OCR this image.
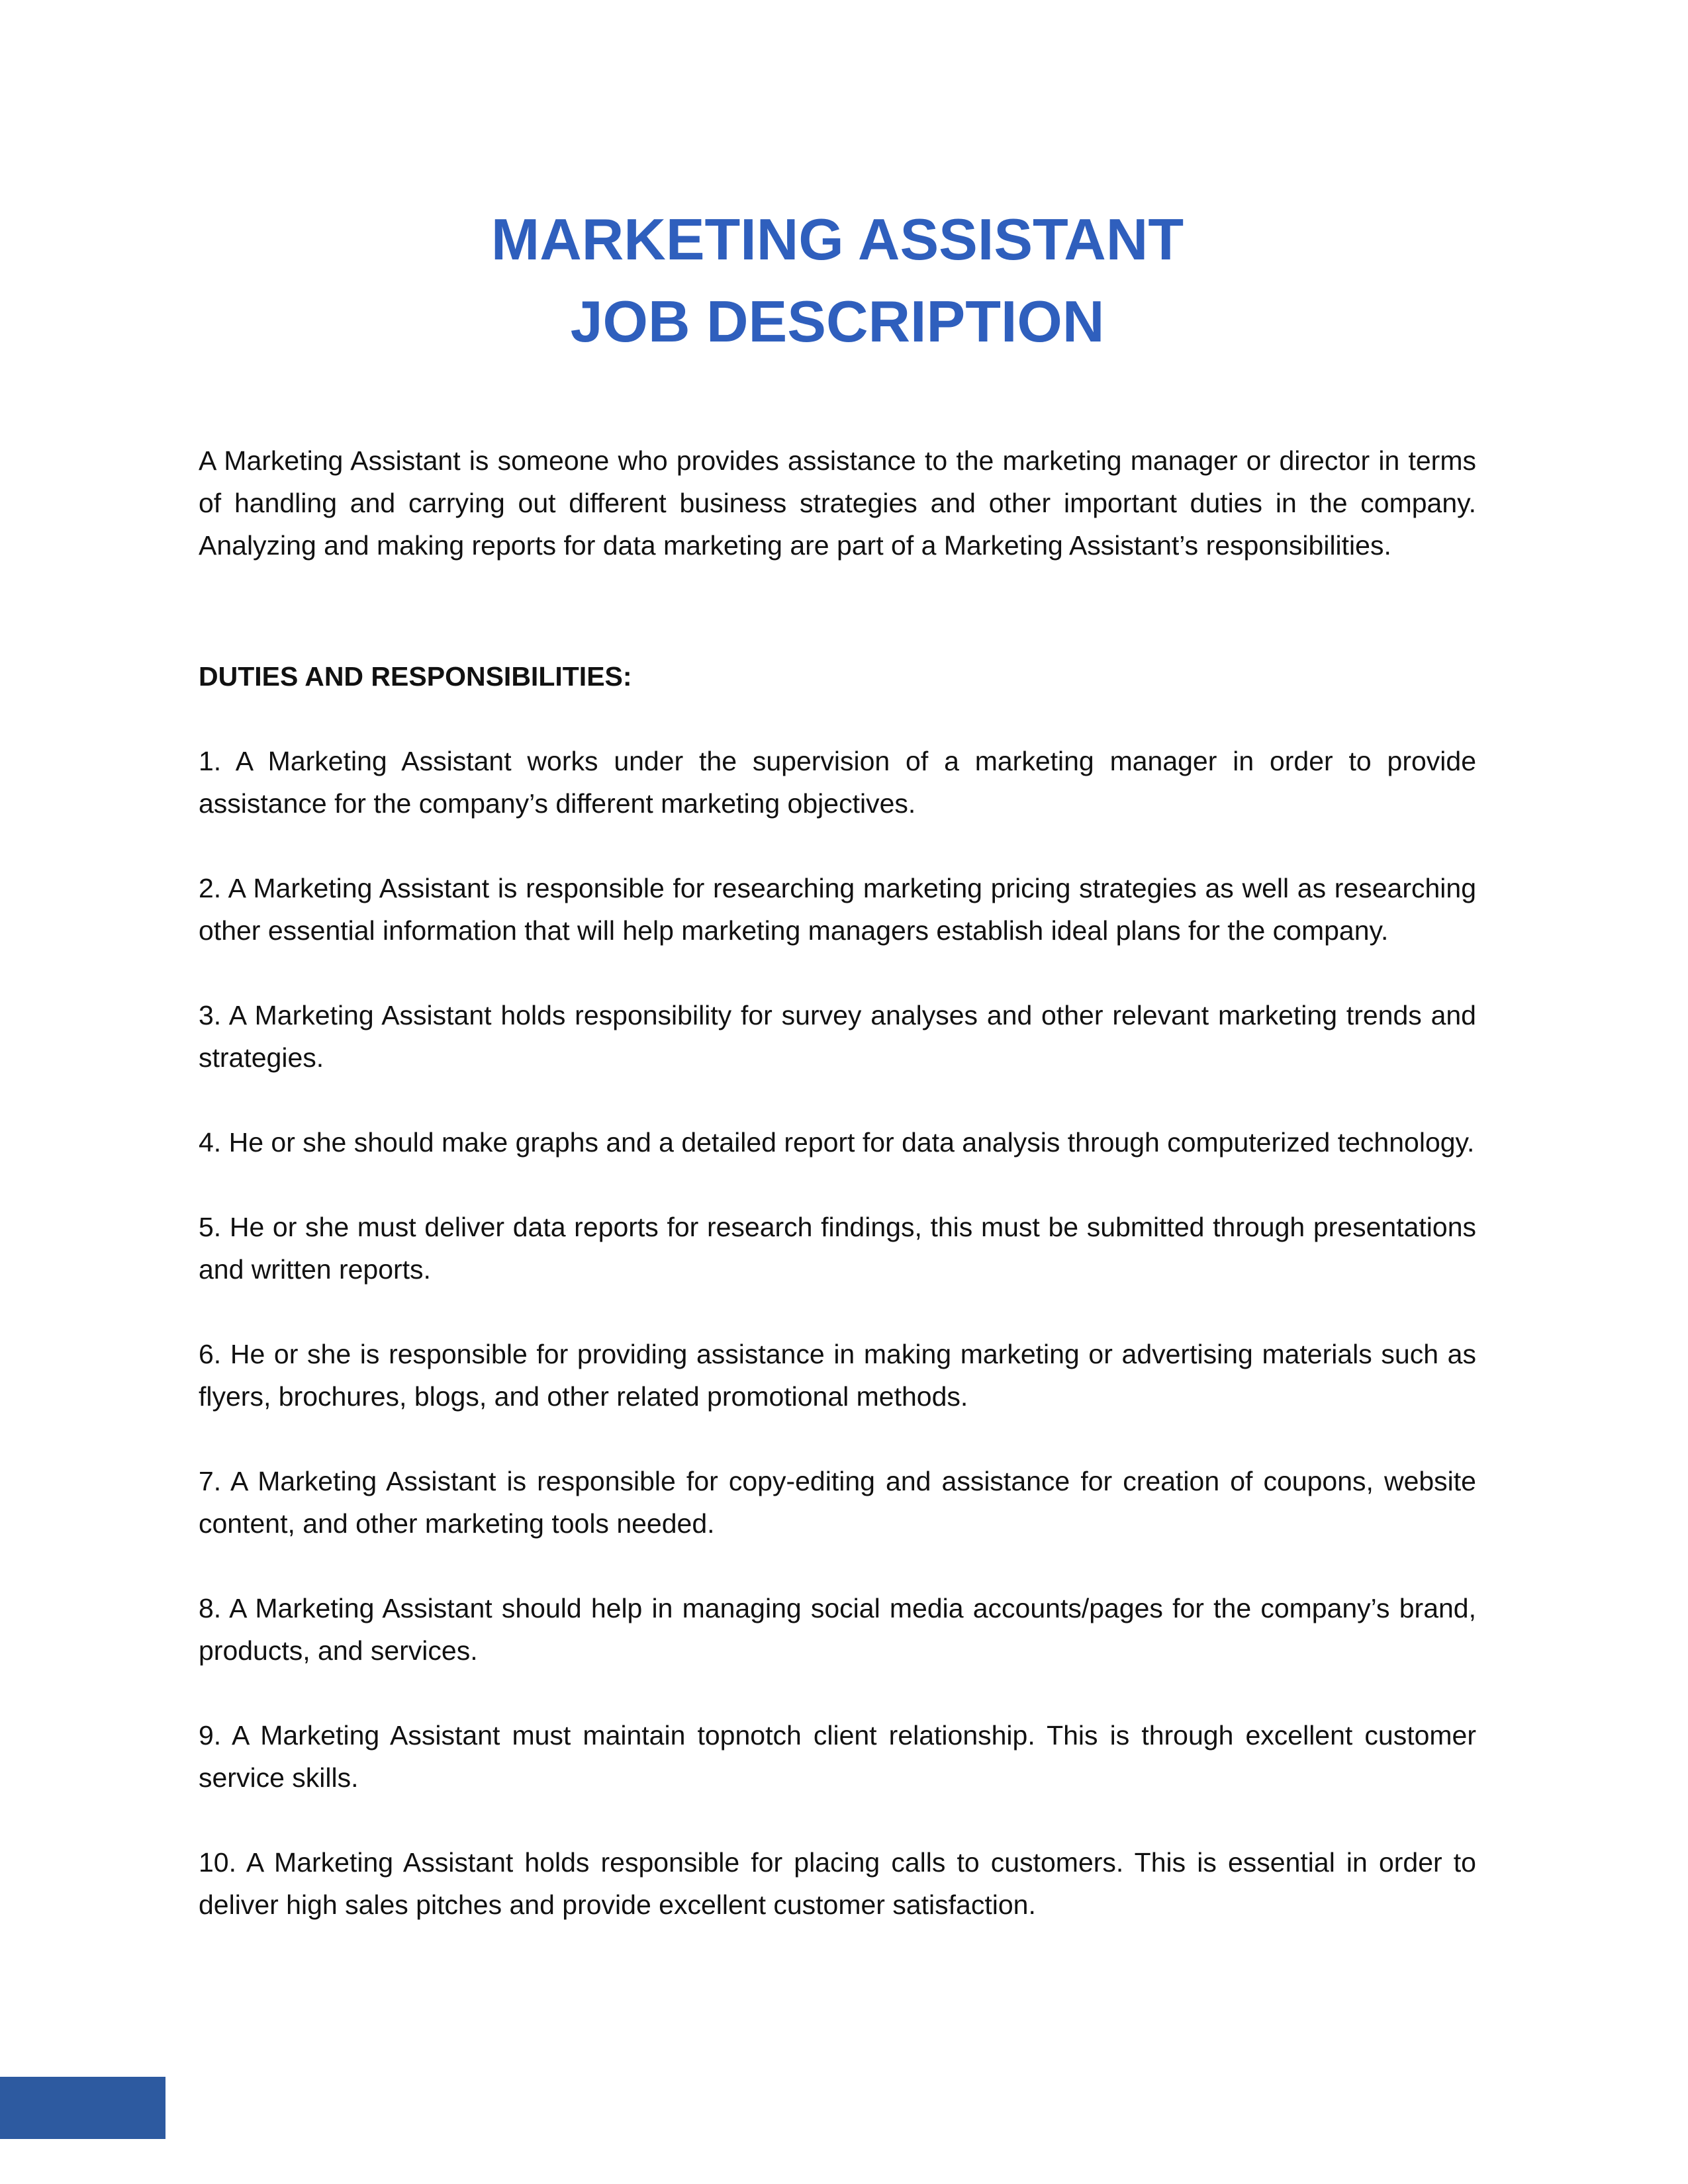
MARKETING ASSISTANT
JOB DESCRIPTION
A Marketing Assistant is someone who provides assistance to the marketing manager or director in terms of handling and carrying out different business strategies and other important duties in the company. Analyzing and making reports for data marketing are part of a Marketing Assistant’s responsibilities.
DUTIES AND RESPONSIBILITIES:
1. A Marketing Assistant works under the supervision of a marketing manager in order to provide assistance for the company’s different marketing objectives.
2. A Marketing Assistant is responsible for researching marketing pricing strategies as well as researching other essential information that will help marketing managers establish ideal plans for the company.
3. A Marketing Assistant holds responsibility for survey analyses and other relevant marketing trends and strategies.
4. He or she should make graphs and a detailed report for data analysis through computerized technology.
5. He or she must deliver data reports for research findings, this must be submitted through presentations and written reports.
6. He or she is responsible for providing assistance in making marketing or advertising materials such as flyers, brochures, blogs, and other related promotional methods.
7. A Marketing Assistant is responsible for copy-editing and assistance for creation of coupons, website content, and other marketing tools needed.
8. A Marketing Assistant should help in managing social media accounts/pages for the company’s brand, products, and services.
9. A Marketing Assistant must maintain topnotch client relationship. This is through excellent customer service skills.
10. A Marketing Assistant holds responsible for placing calls to customers. This is essential in order to deliver high sales pitches and provide excellent customer satisfaction.
